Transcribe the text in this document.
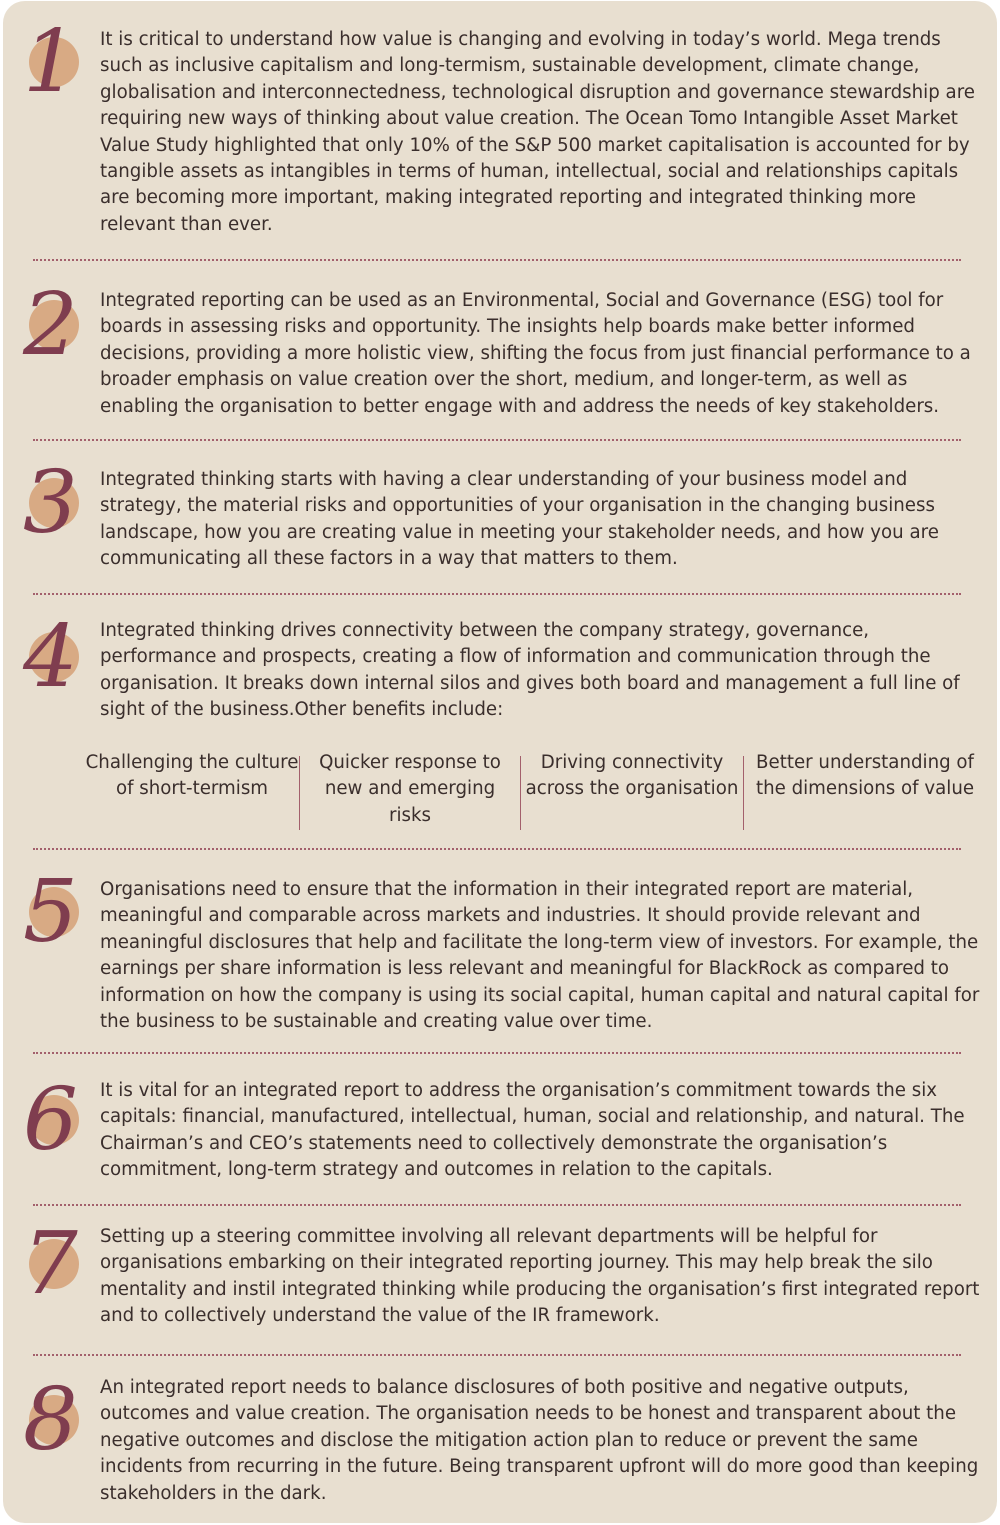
1 It is critical to understand how value is changing and evolving in today’s world. Mega trends such as inclusive capitalism and long-termism, sustainable development, climate change, globalisation and interconnectedness, technological disruption and governance stewardship are requiring new ways of thinking about value creation. The Ocean Tomo Intangible Asset Market Value Study highlighted that only 10% of the S&P 500 market capitalisation is accounted for by tangible assets as intangibles in terms of human, intellectual, social and relationships capitals are becoming more important, making integrated reporting and integrated thinking more relevant than ever.
2 Integrated reporting can be used as an Environmental, Social and Governance (ESG) tool for boards in assessing risks and opportunity. The insights help boards make better informed decisions, providing a more holistic view, shifting the focus from just financial performance to a broader emphasis on value creation over the short, medium, and longer-term, as well as enabling the organisation to better engage with and address the needs of key stakeholders.
3 Integrated thinking starts with having a clear understanding of your business model and strategy, the material risks and opportunities of your organisation in the changing business landscape, how you are creating value in meeting your stakeholder needs, and how you are communicating all these factors in a way that matters to them.
4 Integrated thinking drives connectivity between the company strategy, governance, performance and prospects, creating a flow of information and communication through the organisation. It breaks down internal silos and gives both board and management a full line of sight of the business.Other benefits include:
Challenging the culture of short-termism
Quicker response to new and emerging risks
Driving connectivity across the organisation
Better understanding of the dimensions of value
5 Organisations need to ensure that the information in their integrated report are material, meaningful and comparable across markets and industries. It should provide relevant and meaningful disclosures that help and facilitate the long-term view of investors. For example, the earnings per share information is less relevant and meaningful for BlackRock as compared to information on how the company is using its social capital, human capital and natural capital for the business to be sustainable and creating value over time.
6 It is vital for an integrated report to address the organisation’s commitment towards the six capitals: financial, manufactured, intellectual, human, social and relationship, and natural. The Chairman’s and CEO’s statements need to collectively demonstrate the organisation’s commitment, long-term strategy and outcomes in relation to the capitals.
7 Setting up a steering committee involving all relevant departments will be helpful for organisations embarking on their integrated reporting journey. This may help break the silo mentality and instil integrated thinking while producing the organisation’s first integrated report and to collectively understand the value of the IR framework.
8 An integrated report needs to balance disclosures of both positive and negative outputs, outcomes and value creation. The organisation needs to be honest and transparent about the negative outcomes and disclose the mitigation action plan to reduce or prevent the same incidents from recurring in the future. Being transparent upfront will do more good than keeping stakeholders in the dark.
